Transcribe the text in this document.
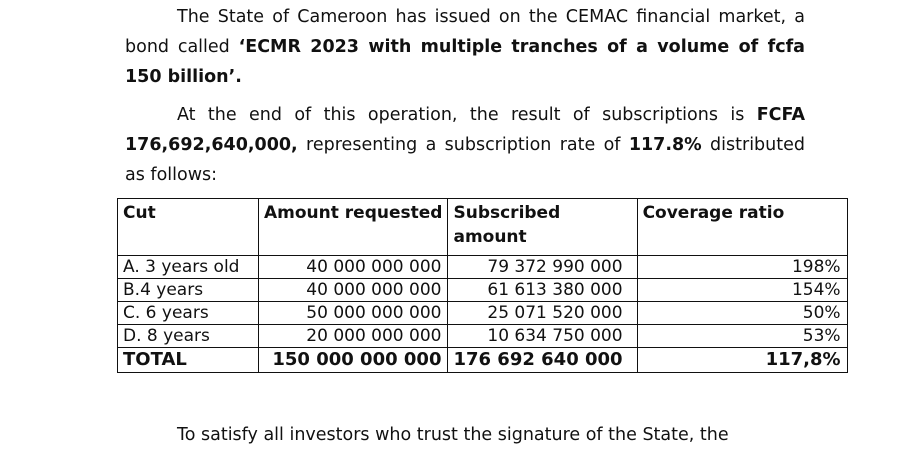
The State of Cameroon has issued on the CEMAC financial market, a bond called ‘ECMR 2023 with multiple tranches of a volume of fcfa 150 billion’.

At the end of this operation, the result of subscriptions is FCFA 176,692,640,000, representing a subscription rate of 117.8% distributed as follows:

Cut	Amount requested	Subscribed amount	Coverage ratio
A. 3 years old	40 000 000 000	79 372 990 000	198%
B.4 years	40 000 000 000	61 613 380 000	154%
C. 6 years	50 000 000 000	25 071 520 000	50%
D. 8 years	20 000 000 000	10 634 750 000	53%
TOTAL	150 000 000 000	176 692 640 000	117,8%

To satisfy all investors who trust the signature of the State, the
